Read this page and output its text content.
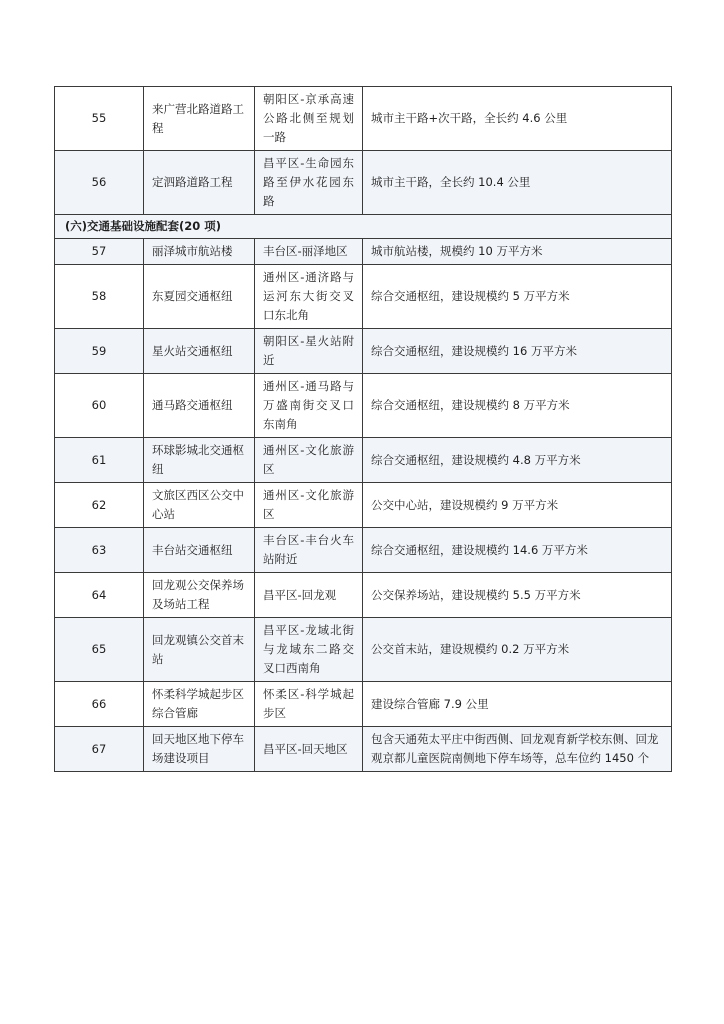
55	来广营北路道路工程	朝阳区-京承高速公路北侧至规划一路	城市主干路+次干路，全长约 4.6 公里
56	定泗路道路工程	昌平区-生命园东路至伊水花园东路	城市主干路，全长约 10.4 公里
(六)交通基础设施配套(20 项)			
57	丽泽城市航站楼	丰台区-丽泽地区	城市航站楼，规模约 10 万平方米
58	东夏园交通枢纽	通州区-通济路与运河东大街交叉口东北角	综合交通枢纽，建设规模约 5 万平方米
59	星火站交通枢纽	朝阳区-星火站附近	综合交通枢纽，建设规模约 16 万平方米
60	通马路交通枢纽	通州区-通马路与万盛南街交叉口东南角	综合交通枢纽，建设规模约 8 万平方米
61	环球影城北交通枢纽	通州区-文化旅游区	综合交通枢纽，建设规模约 4.8 万平方米
62	文旅区西区公交中心站	通州区-文化旅游区	公交中心站，建设规模约 9 万平方米
63	丰台站交通枢纽	丰台区-丰台火车站附近	综合交通枢纽，建设规模约 14.6 万平方米
64	回龙观公交保养场及场站工程	昌平区-回龙观	公交保养场站，建设规模约 5.5 万平方米
65	回龙观镇公交首末站	昌平区-龙域北街与龙域东二路交叉口西南角	公交首末站，建设规模约 0.2 万平方米
66	怀柔科学城起步区综合管廊	怀柔区-科学城起步区	建设综合管廊 7.9 公里
67	回天地区地下停车场建设项目	昌平区-回天地区	包含天通苑太平庄中街西侧、回龙观育新学校东侧、回龙观京都儿童医院南侧地下停车场等，总车位约 1450 个
